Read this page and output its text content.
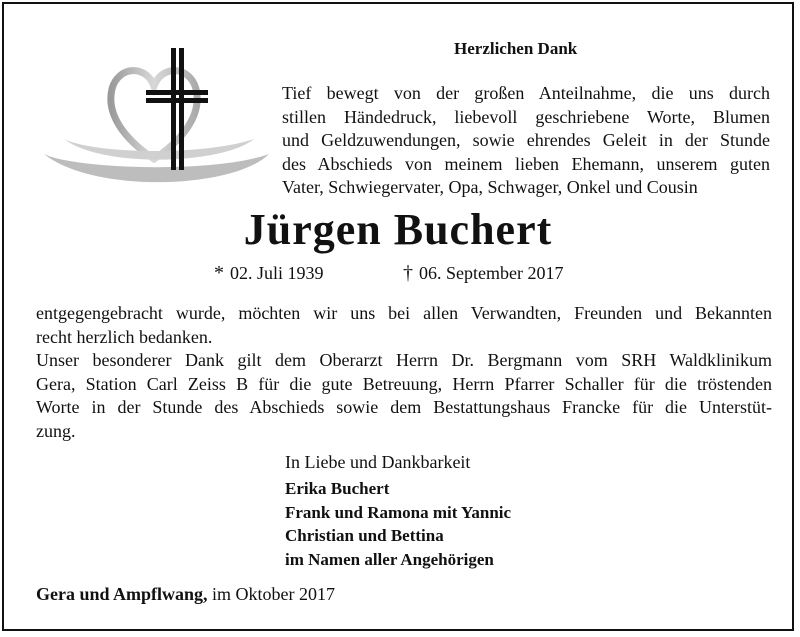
Herzlichen Dank
Tief bewegt von der großen Anteilnahme, die uns durch
stillen Händedruck, liebevoll geschriebene Worte, Blumen
und Geldzuwendungen, sowie ehrendes Geleit in der Stunde
des Abschieds von meinem lieben Ehemann, unserem guten
Vater, Schwiegervater, Opa, Schwager, Onkel und Cousin
Jürgen Buchert
* 02. Juli 1939	† 06. September 2017
entgegengebracht wurde, möchten wir uns bei allen Verwandten, Freunden und Bekannten
recht herzlich bedanken.
Unser besonderer Dank gilt dem Oberarzt Herrn Dr. Bergmann vom SRH Waldklinikum
Gera, Station Carl Zeiss B für die gute Betreuung, Herrn Pfarrer Schaller für die tröstenden
Worte in der Stunde des Abschieds sowie dem Bestattungshaus Francke für die Unterstüt-
zung.
In Liebe und Dankbarkeit
Erika Buchert
Frank und Ramona mit Yannic
Christian und Bettina
im Namen aller Angehörigen
Gera und Ampflwang, im Oktober 2017
